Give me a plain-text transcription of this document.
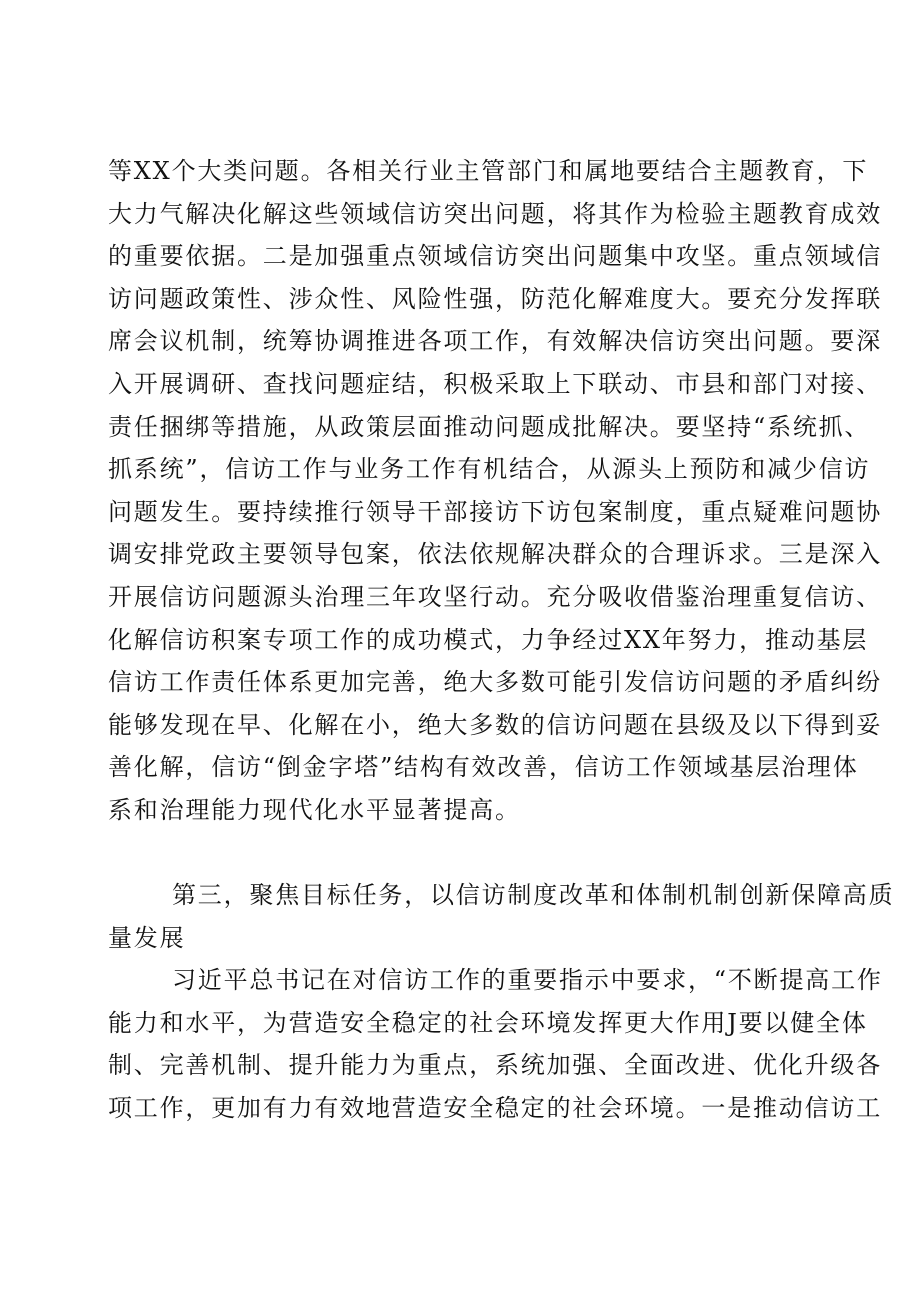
等XX个大类问题。各相关行业主管部门和属地要结合主题教育，下
大力气解决化解这些领域信访突出问题，将其作为检验主题教育成效
的重要依据。二是加强重点领域信访突出问题集中攻坚。重点领域信
访问题政策性、涉众性、风险性强，防范化解难度大。要充分发挥联
席会议机制，统筹协调推进各项工作，有效解决信访突出问题。要深
入开展调研、查找问题症结，积极采取上下联动、市县和部门对接、
责任捆绑等措施，从政策层面推动问题成批解决。要坚持“系统抓、
抓系统”，信访工作与业务工作有机结合，从源头上预防和减少信访
问题发生。要持续推行领导干部接访下访包案制度，重点疑难问题协
调安排党政主要领导包案，依法依规解决群众的合理诉求。三是深入
开展信访问题源头治理三年攻坚行动。充分吸收借鉴治理重复信访、
化解信访积案专项工作的成功模式，力争经过XX年努力，推动基层
信访工作责任体系更加完善，绝大多数可能引发信访问题的矛盾纠纷
能够发现在早、化解在小，绝大多数的信访问题在县级及以下得到妥
善化解，信访“倒金字塔”结构有效改善，信访工作领域基层治理体
系和治理能力现代化水平显著提高。
第三，聚焦目标任务，以信访制度改革和体制机制创新保障高质
量发展
习近平总书记在对信访工作的重要指示中要求，“不断提高工作
能力和水平，为营造安全稳定的社会环境发挥更大作用J要以健全体
制、完善机制、提升能力为重点，系统加强、全面改进、优化升级各
项工作，更加有力有效地营造安全稳定的社会环境。一是推动信访工
